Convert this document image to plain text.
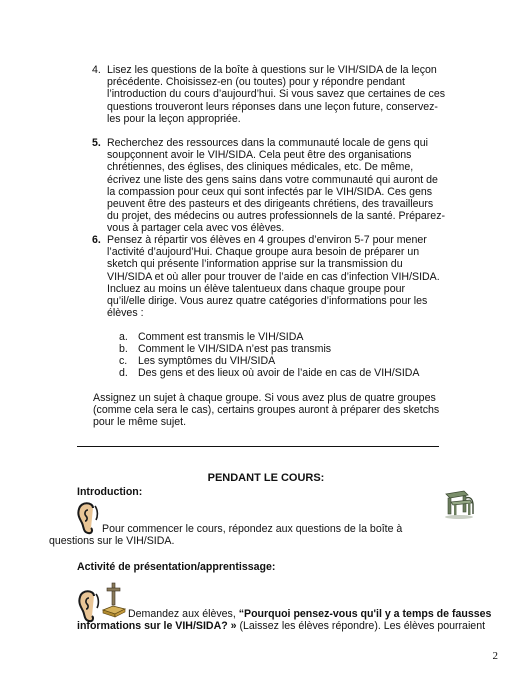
4. Lisez les questions de la boîte à questions sur le VIH/SIDA de la leçon

précédente. Choisissez-en (ou toutes) pour y répondre pendant

l’introduction du cours d’aujourd’hui. Si vous savez que certaines de ces

questions trouveront leurs réponses dans une leçon future, conservez-

les pour la leçon appropriée.

5. Recherchez des ressources dans la communauté locale de gens qui

soupçonnent avoir le VIH/SIDA. Cela peut être des organisations

chrétiennes, des églises, des cliniques médicales, etc. De même,

écrivez une liste des gens sains dans votre communauté qui auront de

la compassion pour ceux qui sont infectés par le VIH/SIDA. Ces gens

peuvent être des pasteurs et des dirigeants chrétiens, des travailleurs

du projet, des médecins ou autres professionnels de la santé. Préparez-

vous à partager cela avec vos élèves.

6. Pensez à répartir vos élèves en 4 groupes d’environ 5-7 pour mener

l’activité d’aujourd’Hui. Chaque groupe aura besoin de préparer un

sketch qui présente l’information apprise sur la transmission du

VIH/SIDA et où aller pour trouver de l’aide en cas d’infection VIH/SIDA.

Incluez au moins un élève talentueux dans chaque groupe pour

qu’il/elle dirige. Vous aurez quatre catégories d’informations pour les

élèves :

a. Comment est transmis le VIH/SIDA
b. Comment le VIH/SIDA n’est pas transmis
c. Les symptômes du VIH/SIDA
d. Des gens et des lieux où avoir de l’aide en cas de VIH/SIDA

Assignez un sujet à chaque groupe. Si vous avez plus de quatre groupes

(comme cela sera le cas), certains groupes auront à préparer des sketchs

pour le même sujet.

PENDANT LE COURS:
Introduction:
Pour commencer le cours, répondez aux questions de la boîte à
questions sur le VIH/SIDA.
Activité de présentation/apprentissage:
Demandez aux élèves, “Pourquoi pensez-vous qu'il y a temps de fausses
informations sur le VIH/SIDA? » (Laissez les élèves répondre). Les élèves pourraient
2
